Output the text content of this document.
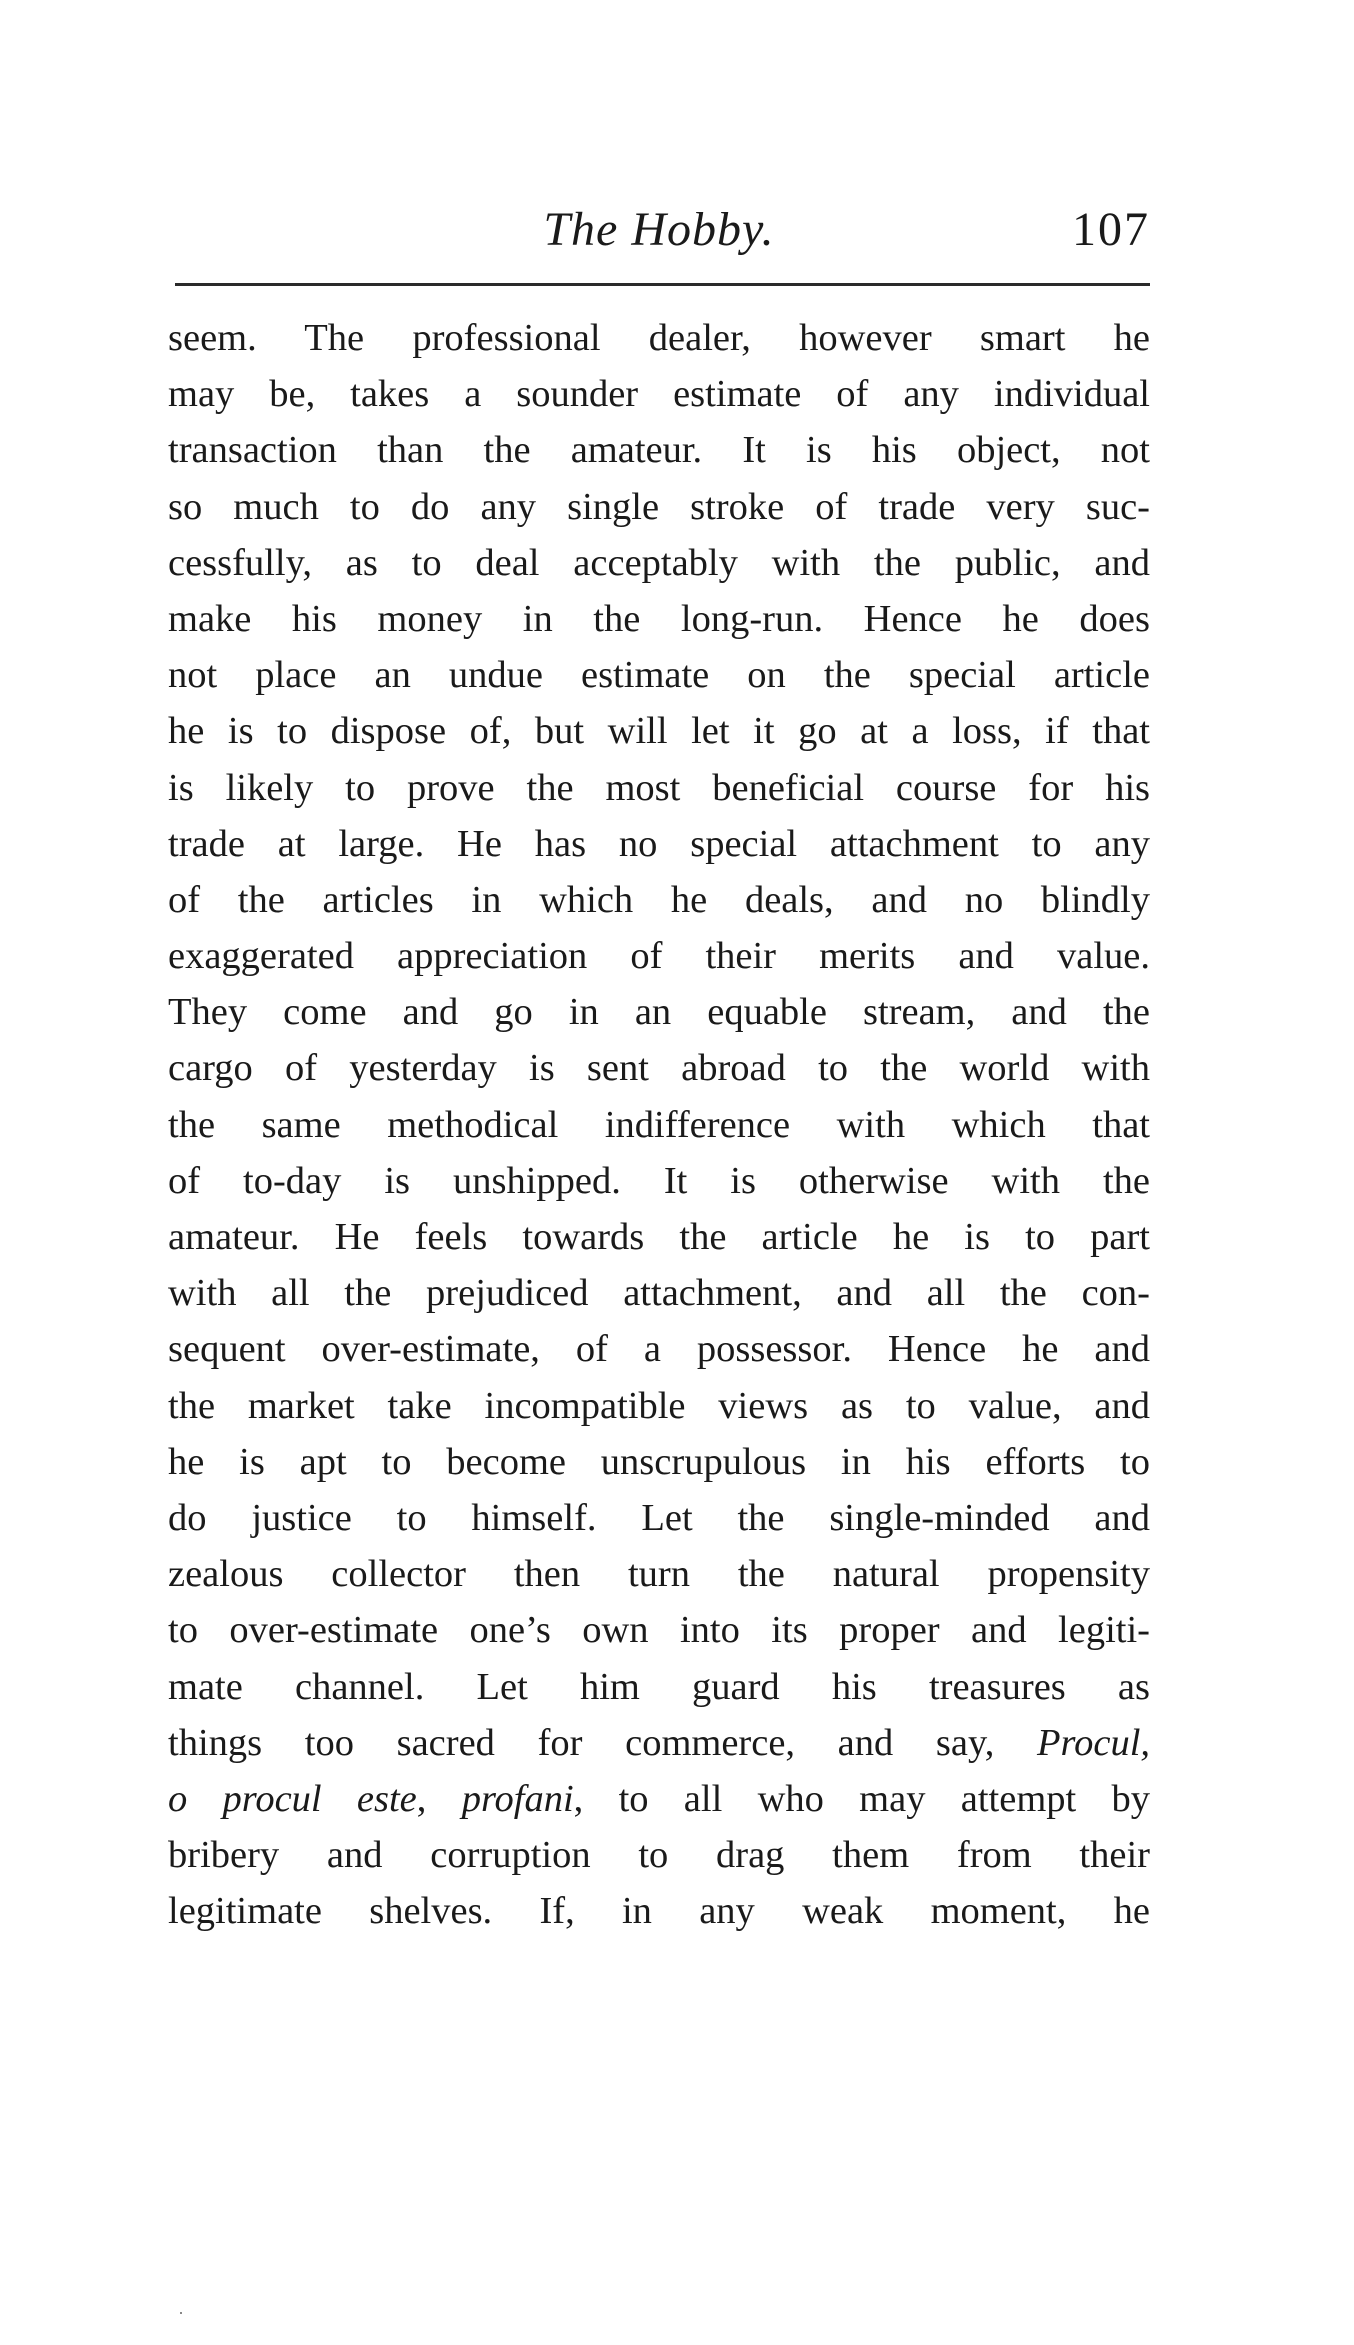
The Hobby.	107
seem. The professional dealer, however smart he
may be, takes a sounder estimate of any individual
transaction than the amateur. It is his object, not
so much to do any single stroke of trade very suc-
cessfully, as to deal acceptably with the public, and
make his money in the long-run. Hence he does
not place an undue estimate on the special article
he is to dispose of, but will let it go at a loss, if that
is likely to prove the most beneficial course for his
trade at large. He has no special attachment to any
of the articles in which he deals, and no blindly
exaggerated appreciation of their merits and value.
They come and go in an equable stream, and the
cargo of yesterday is sent abroad to the world with
the same methodical indifference with which that
of to-day is unshipped. It is otherwise with the
amateur. He feels towards the article he is to part
with all the prejudiced attachment, and all the con-
sequent over-estimate, of a possessor. Hence he and
the market take incompatible views as to value, and
he is apt to become unscrupulous in his efforts to
do justice to himself. Let the single-minded and
zealous collector then turn the natural propensity
to over-estimate one’s own into its proper and legiti-
mate channel. Let him guard his treasures as
things too sacred for commerce, and say, Procul,
o procul este, profani, to all who may attempt by
bribery and corruption to drag them from their
legitimate shelves. If, in any weak moment, he
